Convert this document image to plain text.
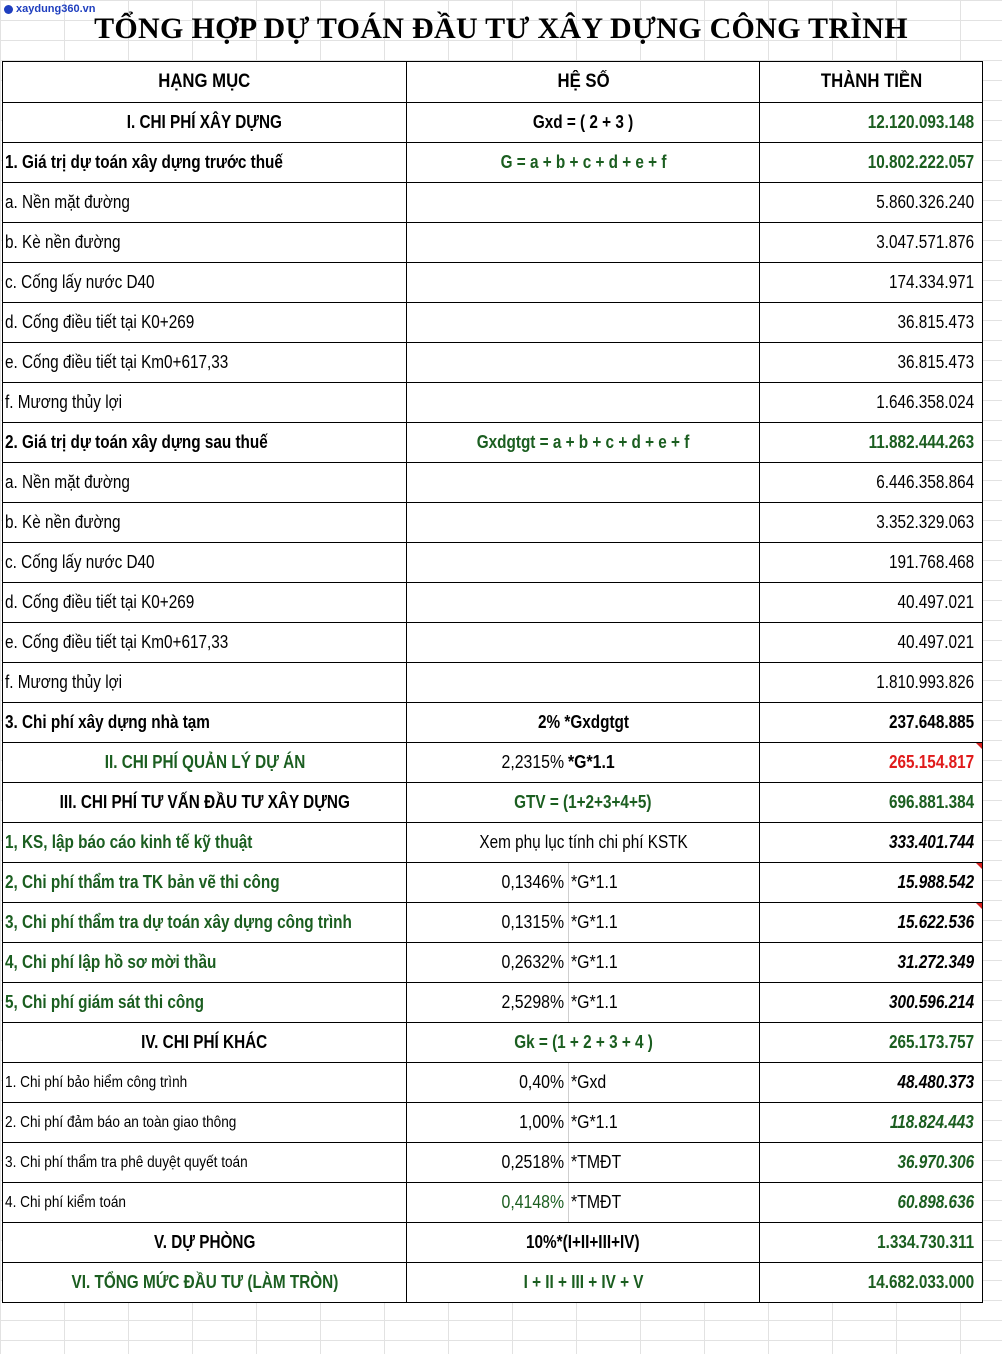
xaydung360.vn
TỔNG HỢP DỰ TOÁN ĐẦU TƯ XÂY DỰNG CÔNG TRÌNH
HẠNG MỤC	HỆ SỐ	THÀNH TIỀN
I. CHI PHÍ XÂY DỰNG	Gxd = ( 2 + 3 )	12.120.093.148
1. Giá trị dự toán xây dựng trước thuế	G = a + b + c + d + e + f	10.802.222.057
a. Nền mặt đường		5.860.326.240
b. Kè nền đường		3.047.571.876
c. Cống lấy nước D40		174.334.971
d. Cống điều tiết tại K0+269		36.815.473
e. Cống điều tiết tại Km0+617,33		36.815.473
f. Mương thủy lợi		1.646.358.024
2. Giá trị dự toán xây dựng sau thuế	Gxdgtgt = a + b + c + d + e + f	11.882.444.263
a. Nền mặt đường		6.446.358.864
b. Kè nền đường		3.352.329.063
c. Cống lấy nước D40		191.768.468
d. Cống điều tiết tại K0+269		40.497.021
e. Cống điều tiết tại Km0+617,33		40.497.021
f. Mương thủy lợi		1.810.993.826
3. Chi phí xây dựng nhà tạm	2% *Gxdgtgt	237.648.885
II. CHI PHÍ QUẢN LÝ DỰ ÁN	2,2315% *G*1.1	265.154.817
III. CHI PHÍ TƯ VẤN ĐẦU TƯ XÂY DỰNG	GTV = (1+2+3+4+5)	696.881.384
1, KS, lập báo cáo kinh tế kỹ thuật	Xem phụ lục tính chi phí KSTK	333.401.744
2, Chi phí thẩm tra TK bản vẽ thi công	0,1346% *G*1.1	15.988.542
3, Chi phí thẩm tra dự toán xây dựng công trình	0,1315% *G*1.1	15.622.536
4, Chi phí lập hồ sơ mời thầu	0,2632% *G*1.1	31.272.349
5, Chi phí giám sát thi công	2,5298% *G*1.1	300.596.214
IV. CHI PHÍ KHÁC	Gk = (1 + 2 + 3 + 4 )	265.173.757
1. Chi phí bảo hiểm công trình	0,40% *Gxd	48.480.373
2. Chi phí đảm báo an toàn giao thông	1,00% *G*1.1	118.824.443
3. Chi phí thẩm tra phê duyệt quyết toán	0,2518% *TMĐT	36.970.306
4. Chi phí kiểm toán	0,4148% *TMĐT	60.898.636
V. DỰ PHÒNG	10%*(I+II+III+IV)	1.334.730.311
VI. TỔNG MỨC ĐẦU TƯ (LÀM TRÒN)	I + II + III + IV + V	14.682.033.000
